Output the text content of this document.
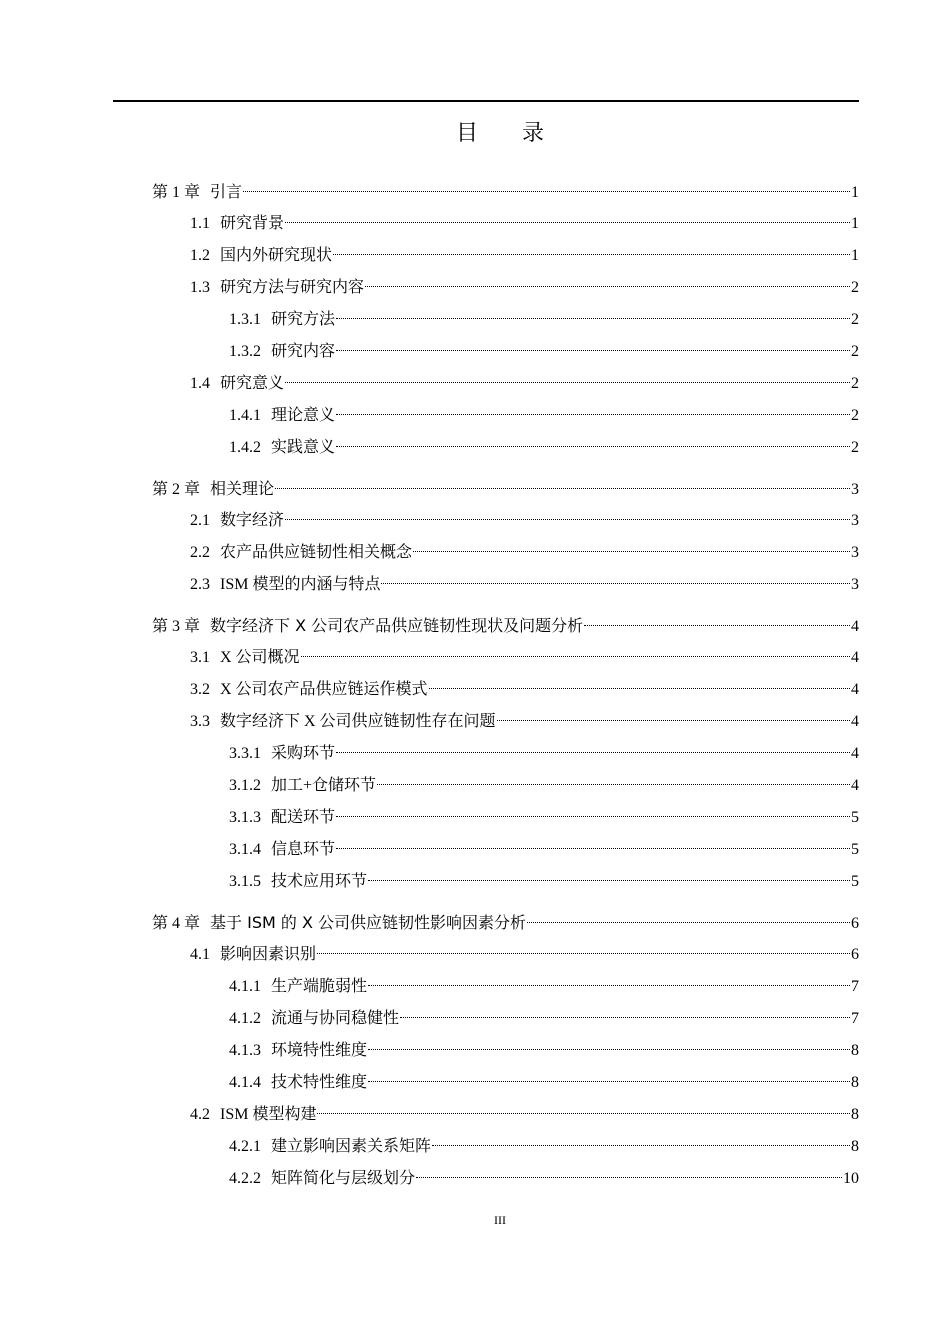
目 录
第 1 章 引言	1
1.1 研究背景	1
1.2 国内外研究现状	1
1.3 研究方法与研究内容	2
1.3.1 研究方法	2
1.3.2 研究内容	2
1.4 研究意义	2
1.4.1 理论意义	2
1.4.2 实践意义	2
第 2 章 相关理论	3
2.1 数字经济	3
2.2 农产品供应链韧性相关概念	3
2.3 ISM 模型的内涵与特点	3
第 3 章 数字经济下 X 公司农产品供应链韧性现状及问题分析	4
3.1 X 公司概况	4
3.2 X 公司农产品供应链运作模式	4
3.3 数字经济下 X 公司供应链韧性存在问题	4
3.3.1 采购环节	4
3.1.2 加工+仓储环节	4
3.1.3 配送环节	5
3.1.4 信息环节	5
3.1.5 技术应用环节	5
第 4 章 基于 ISM 的 X 公司供应链韧性影响因素分析	6
4.1 影响因素识别	6
4.1.1 生产端脆弱性	7
4.1.2 流通与协同稳健性	7
4.1.3 环境特性维度	8
4.1.4 技术特性维度	8
4.2 ISM 模型构建	8
4.2.1 建立影响因素关系矩阵	8
4.2.2 矩阵简化与层级划分	10
III
